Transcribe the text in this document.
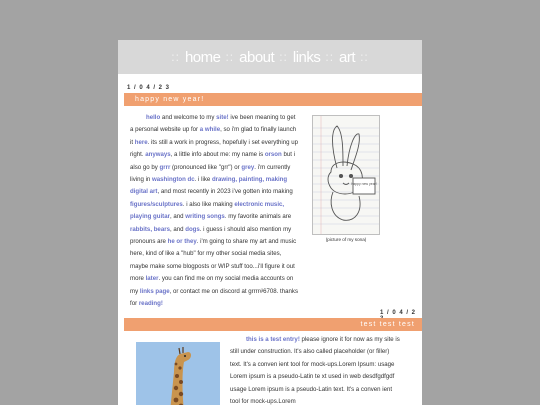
:: home :: about :: links :: art ::
1 / 0 4 / 2 3
happy new year!
hello and welcome to my site! ive been meaning to get a personal website up for a while, so i'm glad to finally launch it here. its still a work in progress, hopefully i set everything up right. anyways, a little info about me: my name is orson but i also go by grrr (pronounced like "grr") or grey. i'm currently living in washington dc. i like drawing, painting, making digital art, and most recently in 2023 i've gotten into making figures/sculptures. i also like making electronic music, playing guitar, and writing songs. my favorite animals are rabbits, bears, and dogs. i guess i should also mention my pronouns are he or they. i'm going to share my art and music here, kind of like a "hub" for my other social media sites, maybe make some blogposts or WIP stuff too...i'll figure it out more later. you can find me on my social media accounts on my links page, or contact me on discord at grrrr#6708. thanks for reading!
happy new year!
(picture of my sona)
1 / 0 4 / 2
test test test
this is a test entry! please ignore it for now as my site is still under construction. It's also called placeholder (or filler) text. It's a conven ient tool for mock-ups.Lorem Ipsum: usage Lorem ipsum is a pseudo-Latin te xt used in web desdfgdfgdf usage Lorem ipsum is a pseudo-Latin text. It's a conven ient tool for mock-ups.Lorem
